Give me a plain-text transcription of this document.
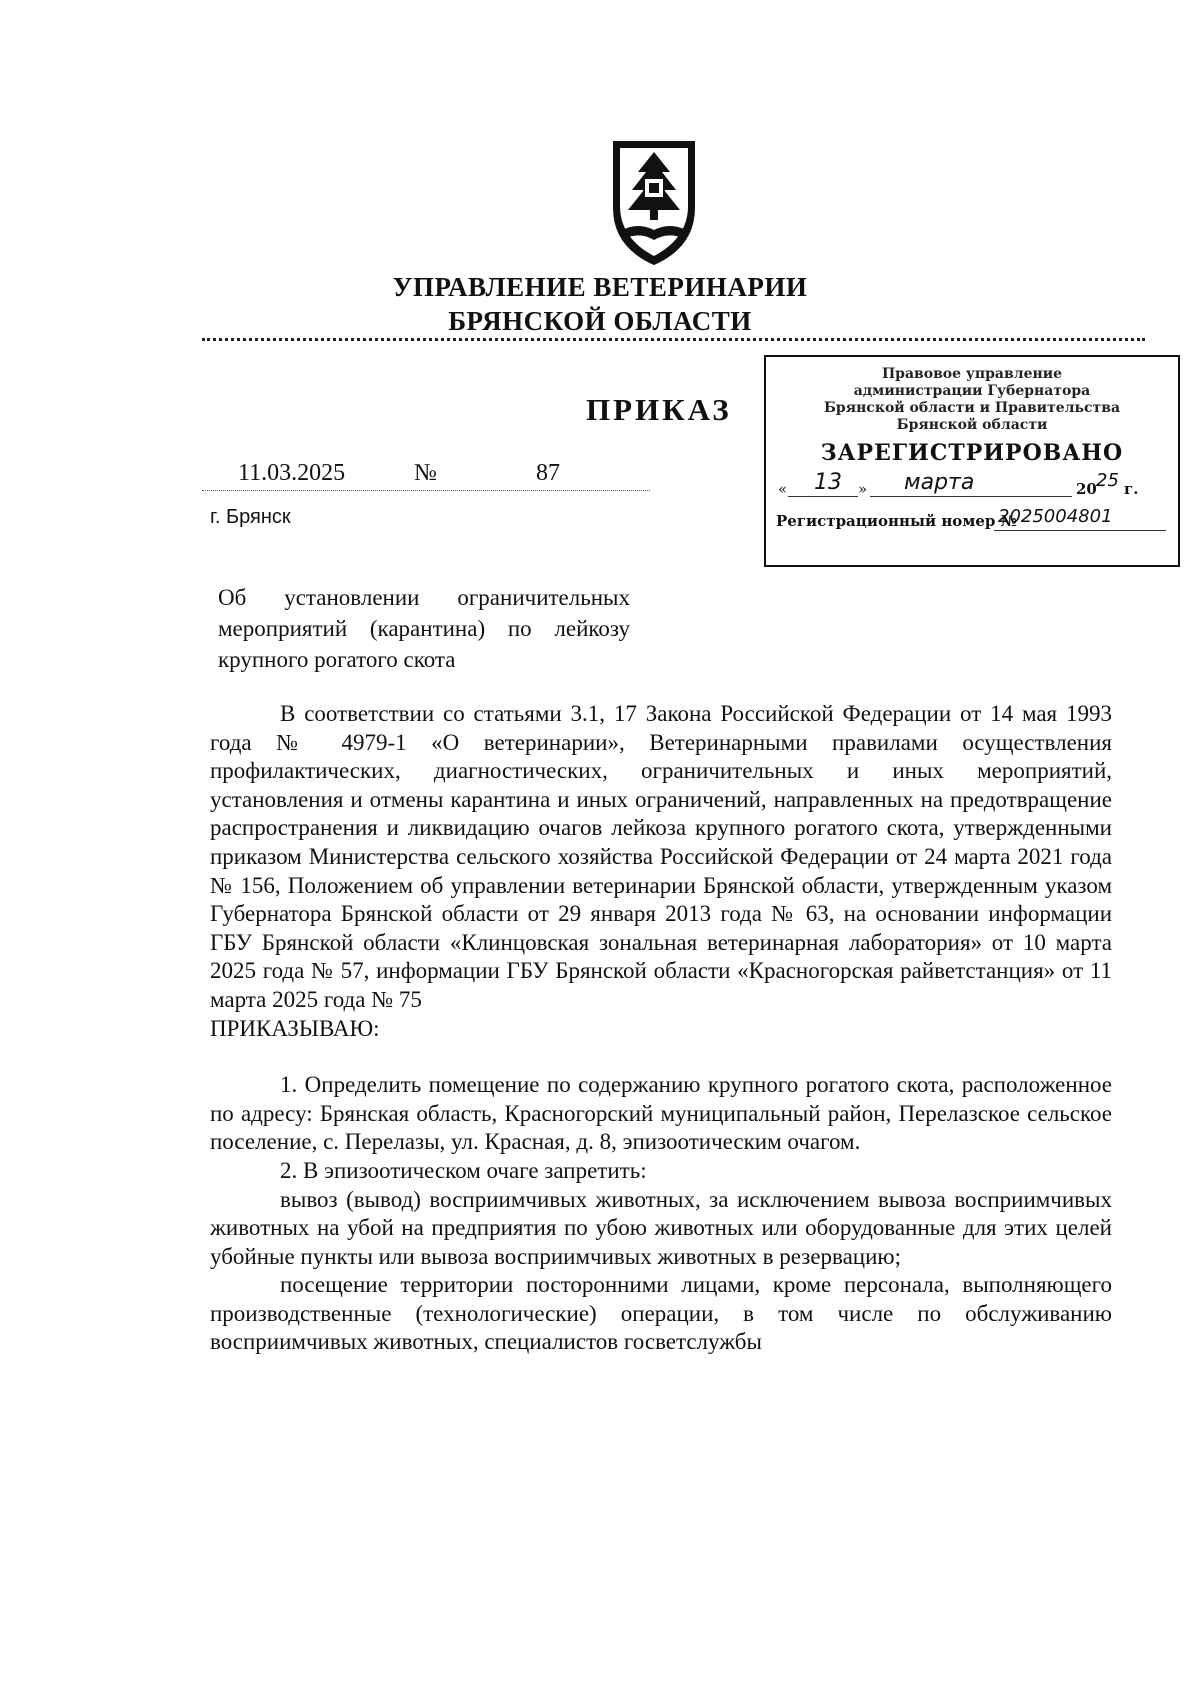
УПРАВЛЕНИЕ ВЕТЕРИНАРИИ
БРЯНСКОЙ ОБЛАСТИ
ПРИКАЗ
11.03.2025	№	87
г. Брянск
Правовое управление
администрации Губернатора
Брянской области и Правительства
Брянской области
ЗАРЕГИСТРИРОВАНО
« 13 » марта	20 25 г.
Регистрационный номер №
2025004801
Об установлении ограничительных мероприятий (карантина) по лейкозу крупного рогатого скота

В соответствии со статьями 3.1, 17 Закона Российской Федерации от 14 мая 1993 года № 4979-1 «О ветеринарии», Ветеринарными правилами осуществления профилактических, диагностических, ограничительных и иных мероприятий, установления и отмены карантина и иных ограничений, направленных на предотвращение распространения и ликвидацию очагов лейкоза крупного рогатого скота, утвержденными приказом Министерства сельского хозяйства Российской Федерации от 24 марта 2021 года № 156, Положением об управлении ветеринарии Брянской области, утвержденным указом Губернатора Брянской области от 29 января 2013 года № 63, на основании информации ГБУ Брянской области «Клинцовская зональная ветеринарная лаборатория» от 10 марта 2025 года № 57, информации ГБУ Брянской области «Красногорская райветстанция» от 11 марта 2025 года № 75

ПРИКАЗЫВАЮ:

1. Определить помещение по содержанию крупного рогатого скота, расположенное по адресу: Брянская область, Красногорский муниципальный район, Перелазское сельское поселение, с. Перелазы, ул. Красная, д. 8, эпизоотическим очагом.

2. В эпизоотическом очаге запретить:

вывоз (вывод) восприимчивых животных, за исключением вывоза восприимчивых животных на убой на предприятия по убою животных или оборудованные для этих целей убойные пункты или вывоза восприимчивых животных в резервацию;

посещение территории посторонними лицами, кроме персонала, выполняющего производственные (технологические) операции, в том числе по обслуживанию восприимчивых животных, специалистов госветслужбы
